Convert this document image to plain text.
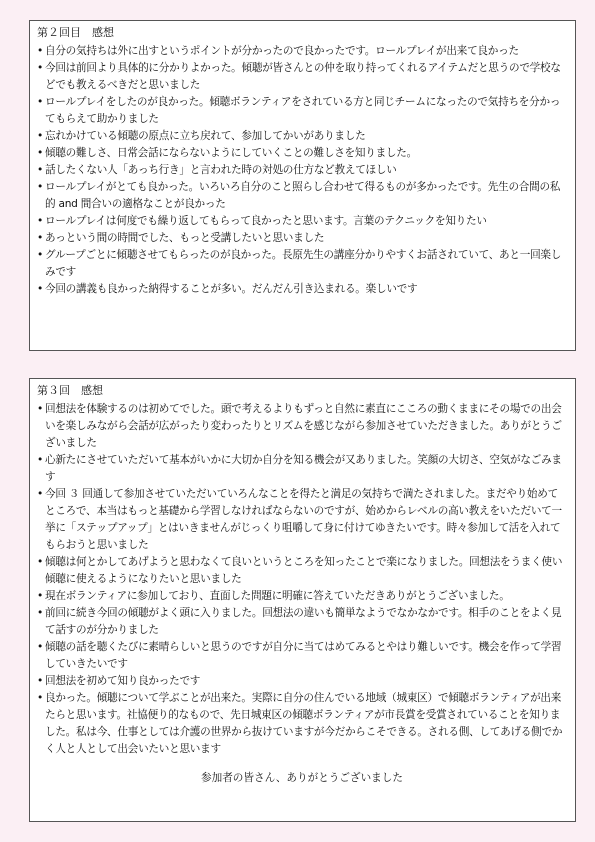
第２回目　感想
• 自分の気持ちは外に出すというポイントが分かったので良かったです。ロールプレイが出来て良かった
• 今回は前回より具体的に分かりよかった。傾聴が皆さんとの仲を取り持ってくれるアイテムだと思うので学校などでも教えるべきだと思いました
• ロールプレイをしたのが良かった。傾聴ボランティアをされている方と同じチームになったので気持ちを分かってもらえて助かりました
• 忘れかけている傾聴の原点に立ち戻れて、参加してかいがありました
• 傾聴の難しさ、日常会話にならないようにしていくことの難しさを知りました。
• 話したくない人「あっち行き」と言われた時の対処の仕方など教えてほしい
• ロールプレイがとても良かった。いろいろ自分のこと照らし合わせて得るものが多かったです。先生の合間の私的 and 間合いの適格なことが良かった
• ロールプレイは何度でも繰り返してもらって良かったと思います。言葉のテクニックを知りたい
• あっという間の時間でした、もっと受講したいと思いました
• グループごとに傾聴させてもらったのが良かった。長原先生の講座分かりやすくお話されていて、あと一回楽しみです
• 今回の講義も良かった納得することが多い。だんだん引き込まれる。楽しいです
第３回　感想
• 回想法を体験するのは初めてでした。頭で考えるよりもずっと自然に素直にこころの動くままにその場での出会いを楽しみながら会話が広がったり変わったりとリズムを感じながら参加させていただきました。ありがとうございました
• 心新たにさせていただいて基本がいかに大切か自分を知る機会が又ありました。笑顔の大切さ、空気がなごみます
• 今回 ３ 回通して参加させていただいていろんなことを得たと満足の気持ちで満たされました。まだやり始めてところで、本当はもっと基礎から学習しなければならないのですが、始めからレベルの高い教えをいただいて一挙に「ステップアップ」とはいきませんがじっくり咀嚼して身に付けてゆきたいです。時々参加して活を入れてもらおうと思いました
• 傾聴は何とかしてあげようと思わなくて良いというところを知ったことで楽になりました。回想法をうまく使い傾聴に使えるようになりたいと思いました
• 現在ボランティアに参加しており、直面した問題に明確に答えていただきありがとうございました。
• 前回に続き今回の傾聴がよく頭に入りました。回想法の違いも簡単なようでなかなかです。相手のことをよく見て話すのが分かりました
• 傾聴の話を聴くたびに素晴らしいと思うのですが自分に当てはめてみるとやはり難しいです。機会を作って学習していきたいです
• 回想法を初めて知り良かったです
• 良かった。傾聴について学ぶことが出来た。実際に自分の住んでいる地域（城東区）で傾聴ボランティアが出来たらと思います。社協便り的なもので、先日城東区の傾聴ボランティアが市長賞を受賞されていることを知りました。私は今、仕事としては介護の世界から抜けていますが今だからこそできる。される側、してあげる側でかく人と人として出会いたいと思います
参加者の皆さん、ありがとうございました
